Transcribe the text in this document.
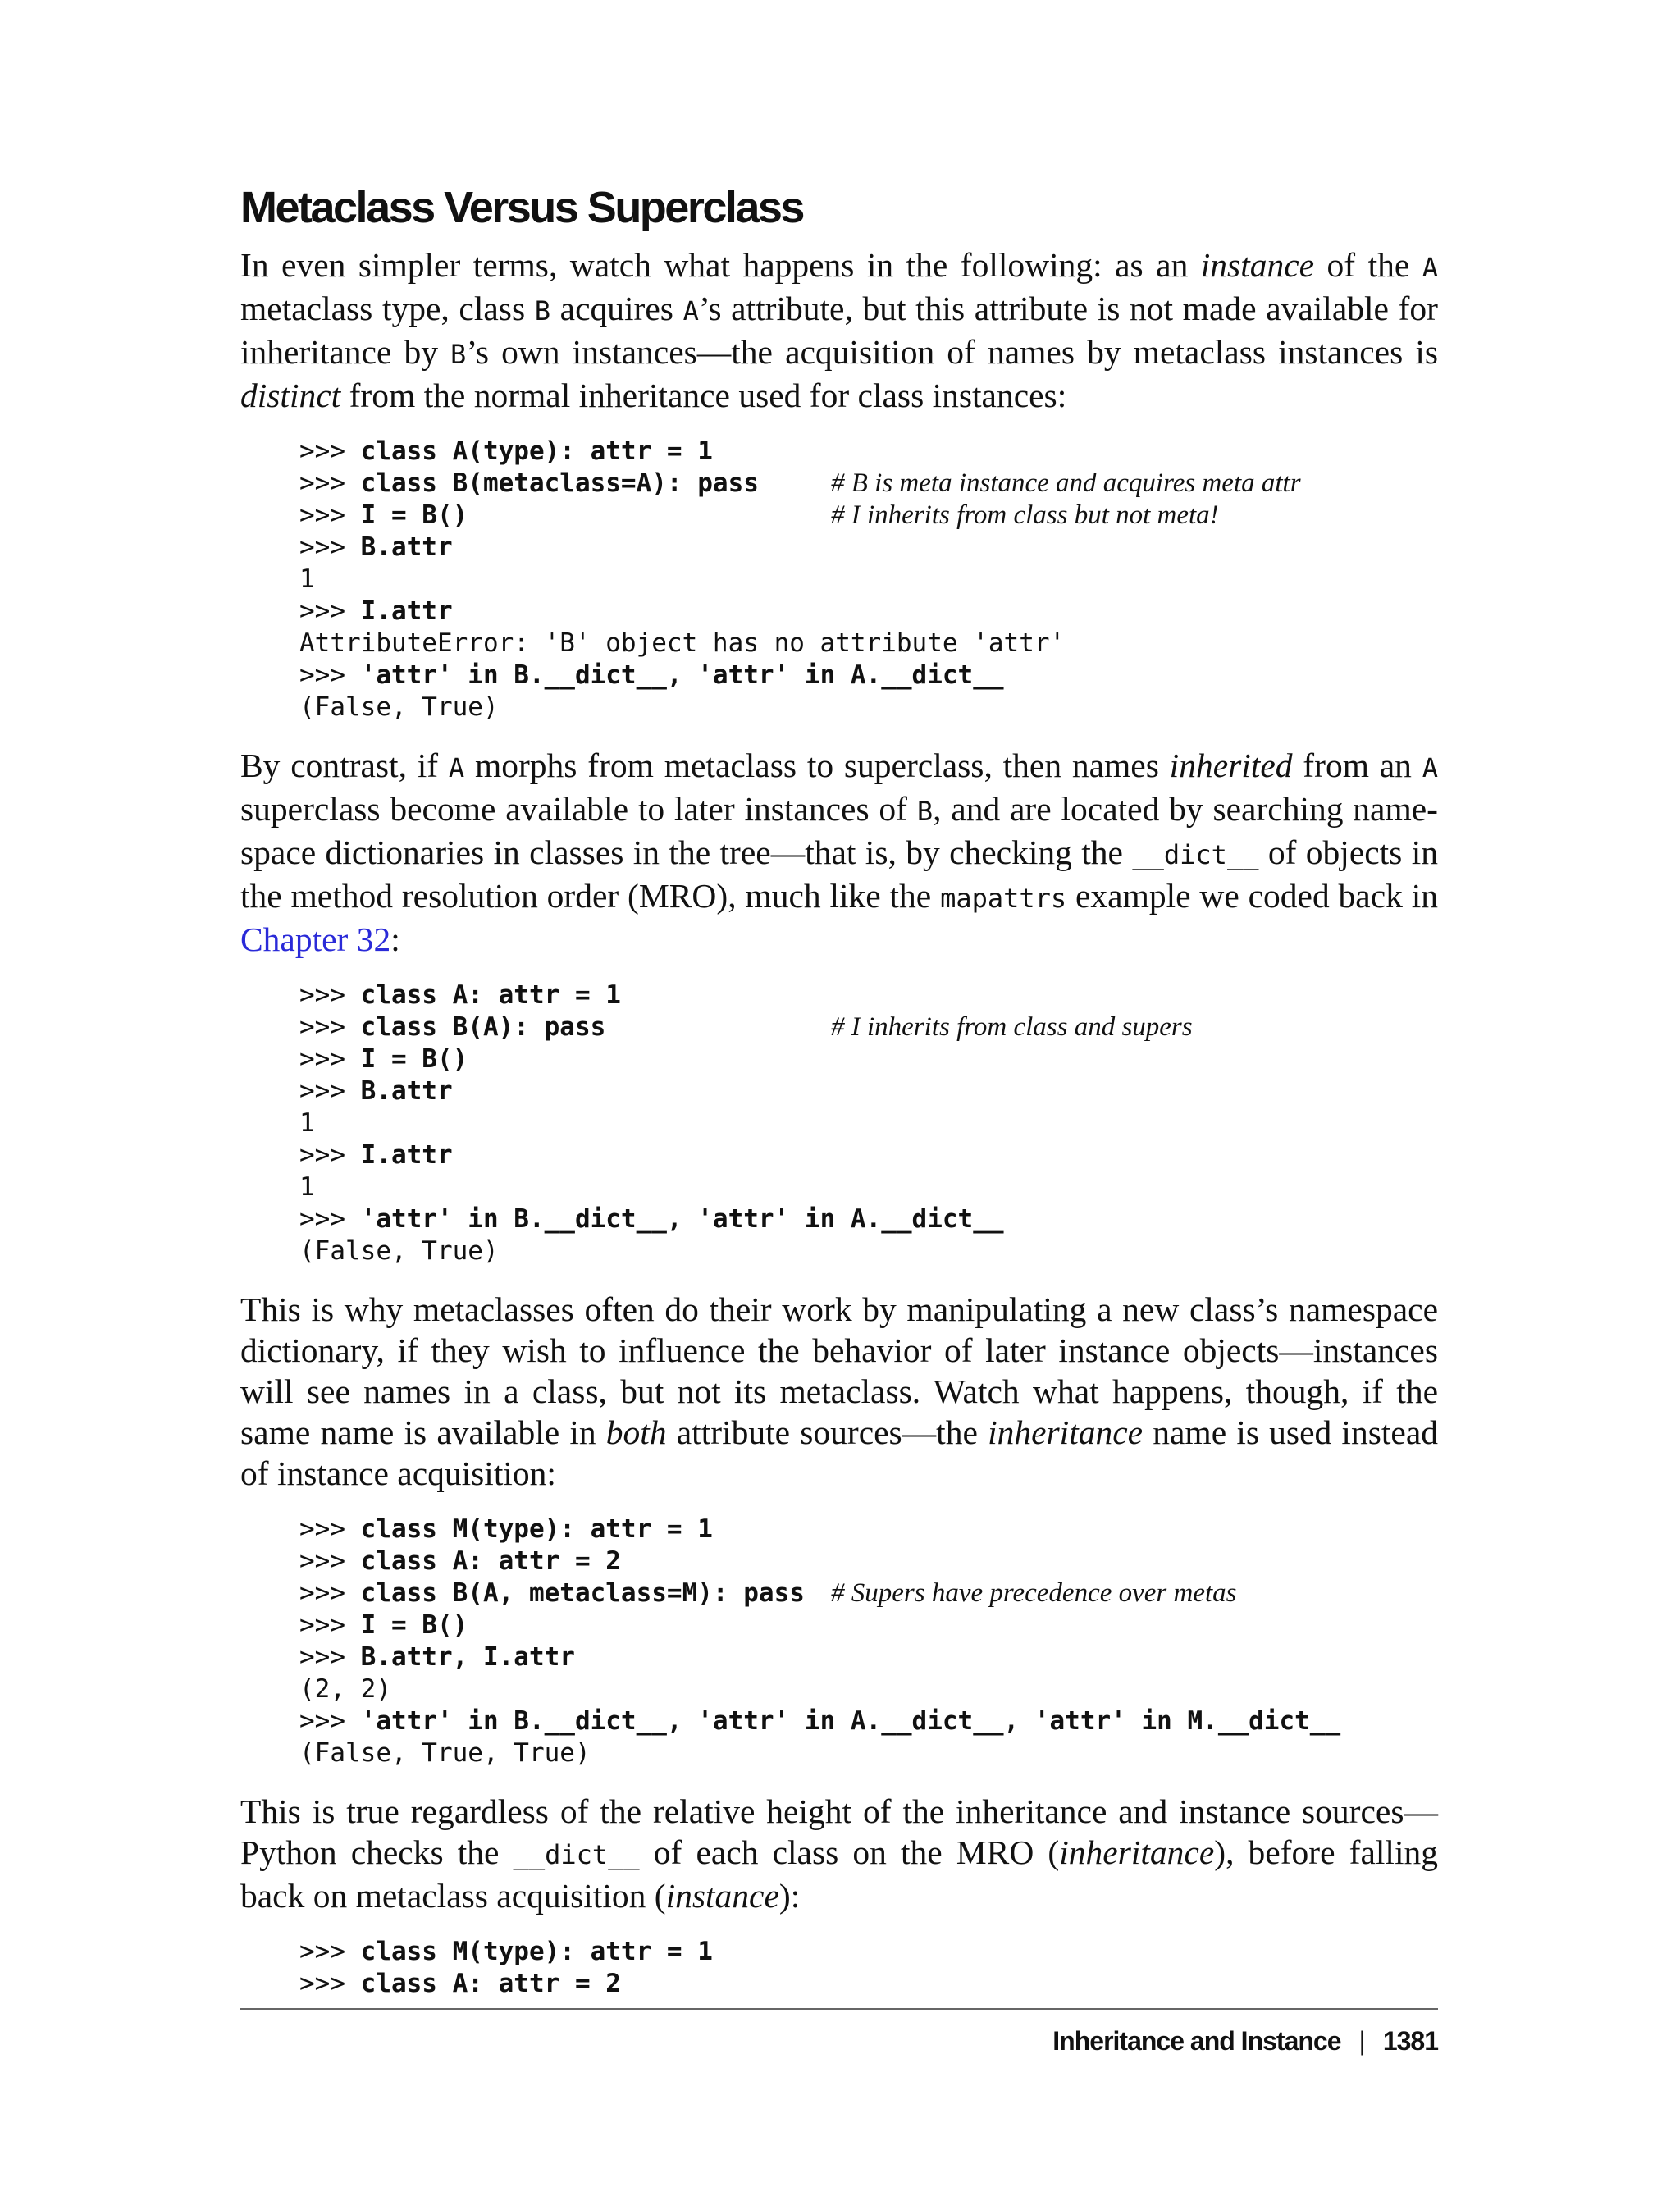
Metaclass Versus Superclass

In even simpler terms, watch what happens in the following: as an instance of the A metaclass type, class B acquires A’s attribute, but this attribute is not made available for inheritance by B’s own instances—the acquisition of names by metaclass instances is distinct from the normal inheritance used for class instances:

>>> class A(type): attr = 1
>>> class B(metaclass=A): pass	# B is meta instance and acquires meta attr
>>> I = B()	# I inherits from class but not meta!
>>> B.attr
1
>>> I.attr
AttributeError: 'B' object has no attribute 'attr'
>>> 'attr' in B.__dict__, 'attr' in A.__dict__
(False, True)

By contrast, if A morphs from metaclass to superclass, then names inherited from an A superclass become available to later instances of B, and are located by searching namespace dictionaries in classes in the tree—that is, by checking the __dict__ of objects in the method resolution order (MRO), much like the mapattrs example we coded back in Chapter 32:

>>> class A: attr = 1
>>> class B(A): pass	# I inherits from class and supers
>>> I = B()
>>> B.attr
1
>>> I.attr
1
>>> 'attr' in B.__dict__, 'attr' in A.__dict__
(False, True)

This is why metaclasses often do their work by manipulating a new class’s namespace dictionary, if they wish to influence the behavior of later instance objects—instances will see names in a class, but not its metaclass. Watch what happens, though, if the same name is available in both attribute sources—the inheritance name is used instead of instance acquisition:

>>> class M(type): attr = 1
>>> class A: attr = 2
>>> class B(A, metaclass=M): pass # Supers have precedence over metas
>>> I = B()
>>> B.attr, I.attr
(2, 2)
>>> 'attr' in B.__dict__, 'attr' in A.__dict__, 'attr' in M.__dict__
(False, True, True)

This is true regardless of the relative height of the inheritance and instance sources—Python checks the __dict__ of each class on the MRO (inheritance), before falling back on metaclass acquisition (instance):

>>> class M(type): attr = 1
>>> class A: attr = 2
Inheritance and Instance | 1381
